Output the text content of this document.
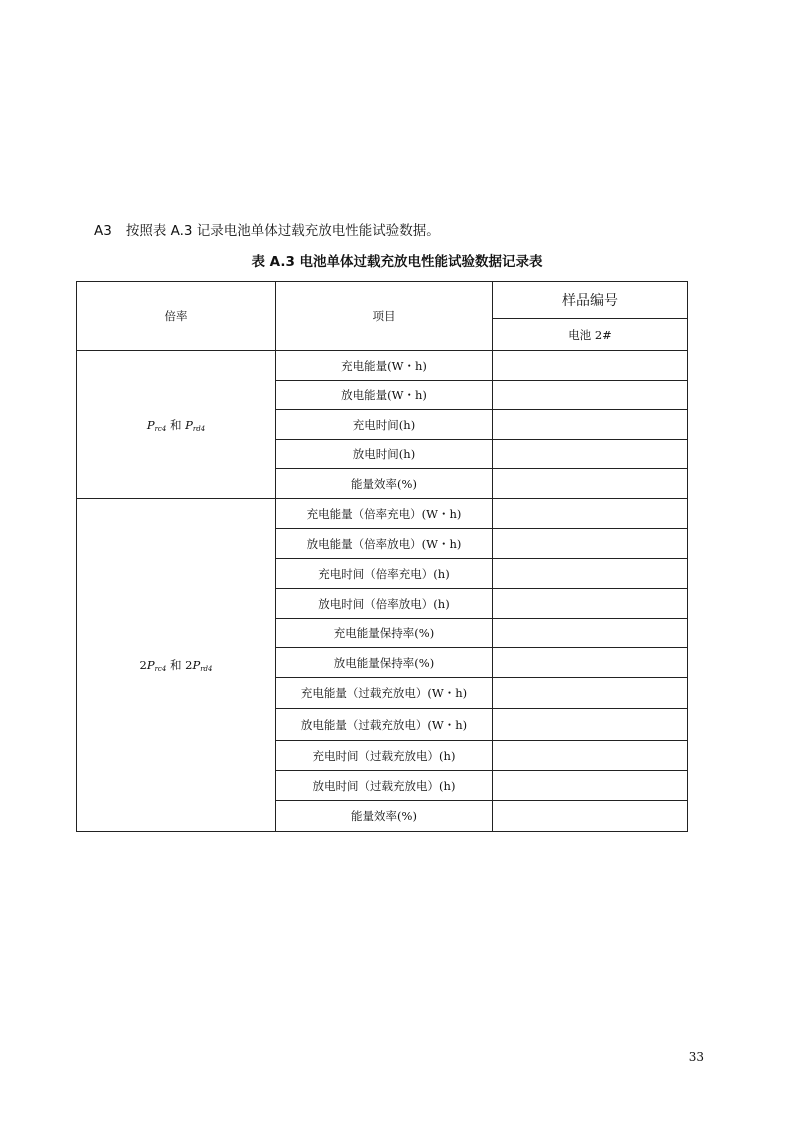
A3 按照表 A.3 记录电池单体过载充放电性能试验数据。
表 A.3 电池单体过载充放电性能试验数据记录表
倍率	项目	样品编号
		电池 2#
$P_{rc4}$ 和 $P_{rd4}$	充电能量(W・h)	
	放电能量(W・h)	
	充电时间(h)	
	放电时间(h)	
	能量效率(%)	
$2P_{rc4}$ 和 $2P_{rd4}$	充电能量（倍率充电）(W・h)	
	放电能量（倍率放电）(W・h)	
	充电时间（倍率充电）(h)	
	放电时间（倍率放电）(h)	
	充电能量保持率(%)	
	放电能量保持率(%)	
	充电能量（过载充放电）(W・h)	
	放电能量（过载充放电）(W・h)	
	充电时间（过载充放电）(h)	
	放电时间（过载充放电）(h)	
	能量效率(%)	
33
